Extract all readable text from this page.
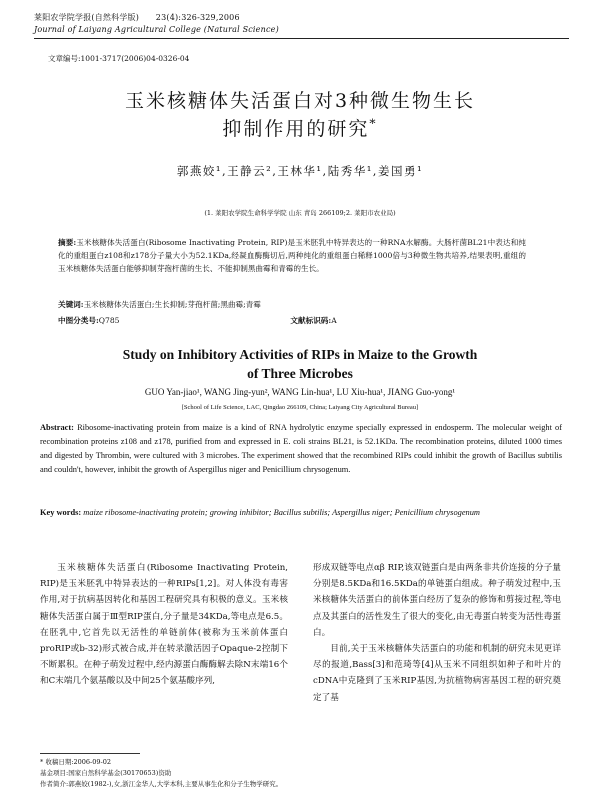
莱阳农学院学报(自然科学版) 23(4):326-329,2006
Journal of Laiyang Agricultural College (Natural Science)
文章编号:1001-3717(2006)04-0326-04
玉米核糖体失活蛋白对3种微生物生长
抑制作用的研究*
郭燕姣¹,王静云²,王林华¹,陆秀华¹,姜国勇¹
(1. 莱阳农学院生命科学学院 山东 青岛 266109;2. 莱阳市农业局)
摘要:玉米核糖体失活蛋白(Ribosome Inactivating Protein, RIP)是玉米胚乳中特异表达的一种RNA水解酶。大肠杆菌BL21中表达和纯化的重组蛋白z108和z178分子量大小为52.1KDa,经凝血酶酶切后,两种纯化的重组蛋白稀释1000倍与3种微生物共培养,结果表明,重组的玉米核糖体失活蛋白能够抑制芽孢杆菌的生长、不能抑制黑曲霉和青霉的生长。
关键词:玉米核糖体失活蛋白;生长抑制;芽孢杆菌;黑曲霉;青霉
中图分类号:Q785	文献标识码:A
Study on Inhibitory Activities of RIPs in Maize to the Growth
of Three Microbes
GUO Yan-jiao¹, WANG Jing-yun², WANG Lin-hua¹, LU Xiu-hua¹, JIANG Guo-yong¹
[School of Life Science, LAC, Qingdao 266109, China; Laiyang City Agricultural Bureau]
Abstract: Ribosome-inactivating protein from maize is a kind of RNA hydrolytic enzyme specially expressed in endosperm. The molecular weight of recombination proteins z108 and z178, purified from and expressed in E. coli strains BL21, is 52.1KDa. The recombination proteins, diluted 1000 times and digested by Thrombin, were cultured with 3 microbes. The experiment showed that the recombined RIPs could inhibit the growth of Bacillus subtilis and couldn't, however, inhibit the growth of Aspergillus niger and Penicillium chrysogenum.
Key words: maize ribosome-inactivating protein; growing inhibitor; Bacillus subtilis; Aspergillus niger; Penicillium chrysogenum

玉米核糖体失活蛋白(Ribosome Inactivating Protein, RIP)是玉米胚乳中特异表达的一种RIPs[1,2]。对人体没有毒害作用,对于抗病基因转化和基因工程研究具有积极的意义。玉米核糖体失活蛋白属于Ⅲ型RIP蛋白,分子量是34KDa,等电点是6.5。在胚乳中,它首先以无活性的单链前体(被称为玉米前体蛋白proRIP或b-32)形式被合成,并在转录激活因子Opaque-2控制下不断累积。在种子萌发过程中,经内源蛋白酶酶解去除N末端16个和C末端几个氨基酸以及中间25个氨基酸序列,

形成双链等电点αβ RIP,该双链蛋白是由两条非共价连接的分子量分别是8.5KDa和16.5KDa的单链蛋白组成。种子萌发过程中,玉米核糖体失活蛋白的前体蛋白经历了复杂的修饰和剪接过程,等电点及其蛋白的活性发生了很大的变化,由无毒蛋白转变为活性毒蛋白。

目前,关于玉米核糖体失活蛋白的功能和机制的研究未见更详尽的报道,Bass[3]和范琦等[4]从玉米不同组织如种子和叶片的cDNA中克隆到了玉米RIP基因,为抗植物病害基因工程的研究奠定了基

* 收稿日期:2006-09-02
基金项目:国家自然科学基金(30170653)资助
作者简介:郭燕姣(1982-),女,浙江金华人,大学本科,主要从事生化和分子生物学研究。
